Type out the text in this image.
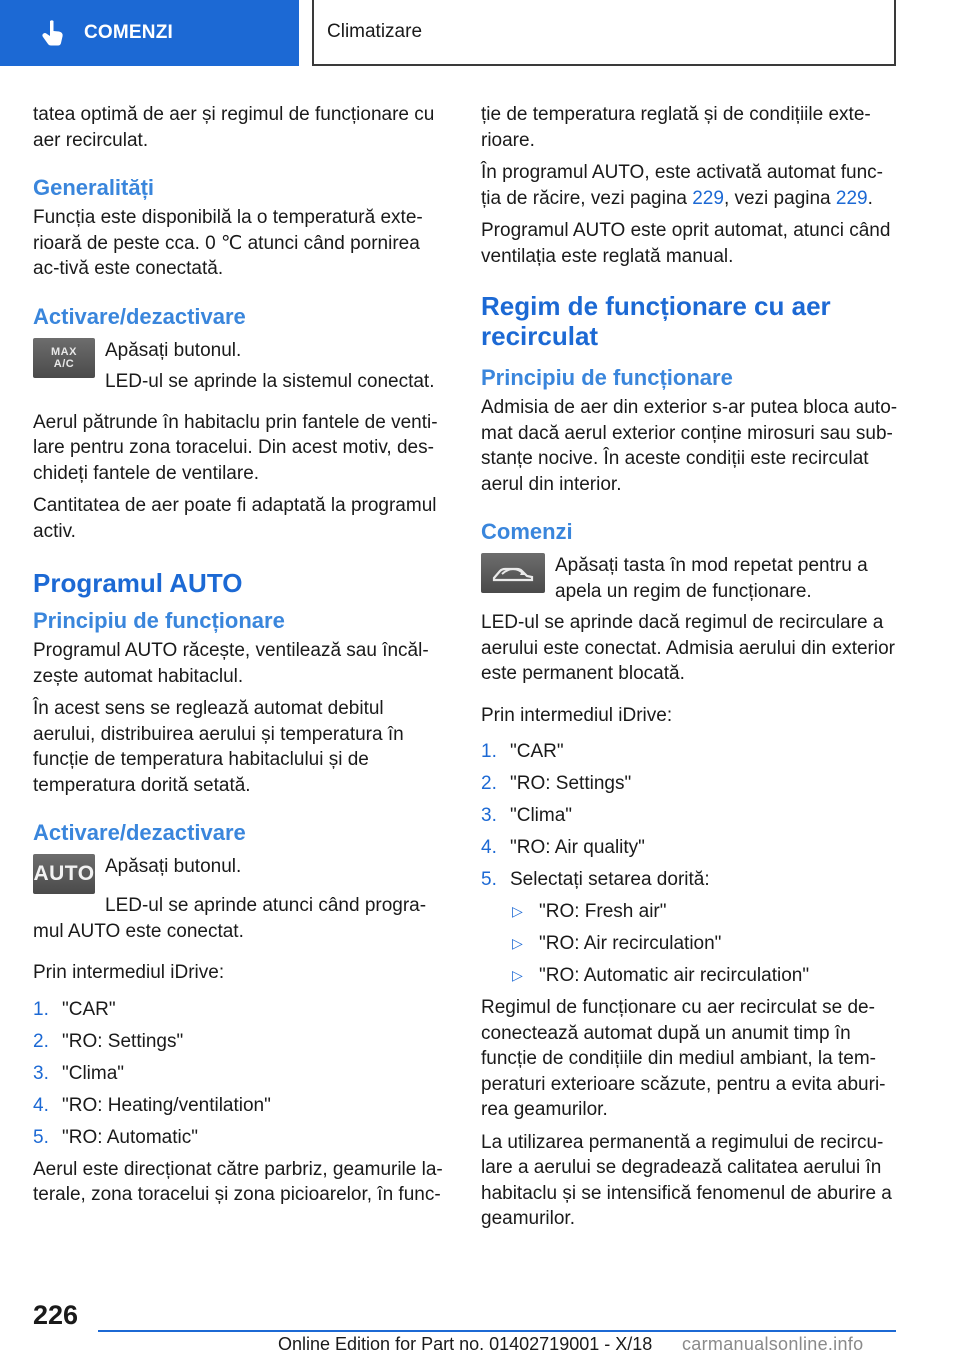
COMENZI	Climatizare

tatea optimă de aer și regimul de funcționare cu aer recirculat.

Generalități

Funcția este disponibilă la o temperatură exte-rioară de peste cca. 0 ℃ atunci când pornirea ac-tivă este conectată.

Activare/dezactivare
MAX
A/C

Apăsați butonul.

LED-ul se aprinde la sistemul conectat.

Aerul pătrunde în habitaclu prin fantele de venti-lare pentru zona toracelui. Din acest motiv, des-chideți fantele de ventilare.

Cantitatea de aer poate fi adaptată la programul activ.

Programul AUTO
Principiu de funcționare

Programul AUTO răcește, ventilează sau încăl-zește automat habitaclul.

În acest sens se reglează automat debitul aerului, distribuirea aerului și temperatura în funcție de temperatura habitaclului și de temperatura dorită setată.

Activare/dezactivare
AUTO Apăsați butonul.

LED-ul se aprinde atunci când progra-mul AUTO este conectat.

Prin intermediul iDrive:

1. "CAR"
2. "RO: Settings"
3. "Clima"
4. "RO: Heating/ventilation"
5. "RO: Automatic"

Aerul este direcționat către parbriz, geamurile la-terale, zona toracelui și zona picioarelor, în func-

ție de temperatura reglată și de condițiile exte-rioare.

În programul AUTO, este activată automat func-ția de răcire, vezi pagina 229, vezi pagina 229.

Programul AUTO este oprit automat, atunci când ventilația este reglată manual.

Regim de funcționare cu aer recirculat
Principiu de funcționare

Admisia de aer din exterior s-ar putea bloca auto-mat dacă aerul exterior conține mirosuri sau sub-stanțe nocive. În aceste condiții este recirculat aerul din interior.

Comenzi

Apăsați tasta în mod repetat pentru a apela un regim de funcționare.

LED-ul se aprinde dacă regimul de recirculare a aerului este conectat. Admisia aerului din exterior este permanent blocată.

Prin intermediul iDrive:

1. "CAR"
2. "RO: Settings"
3. "Clima"
4. "RO: Air quality"
5. Selectați setarea dorită:
▷ "RO: Fresh air"
▷ "RO: Air recirculation"
▷ "RO: Automatic air recirculation"

Regimul de funcționare cu aer recirculat se de-conectează automat după un anumit timp în funcție de condițiile din mediul ambiant, la tem-peraturi exterioare scăzute, pentru a evita aburi-rea geamurilor.

La utilizarea permanentă a regimului de recircu-lare a aerului se degradează calitatea aerului în habitaclu și se intensifică fenomenul de aburire a geamurilor.

226
Online Edition for Part no. 01402719001 - X/18 carmanualsonline.info
